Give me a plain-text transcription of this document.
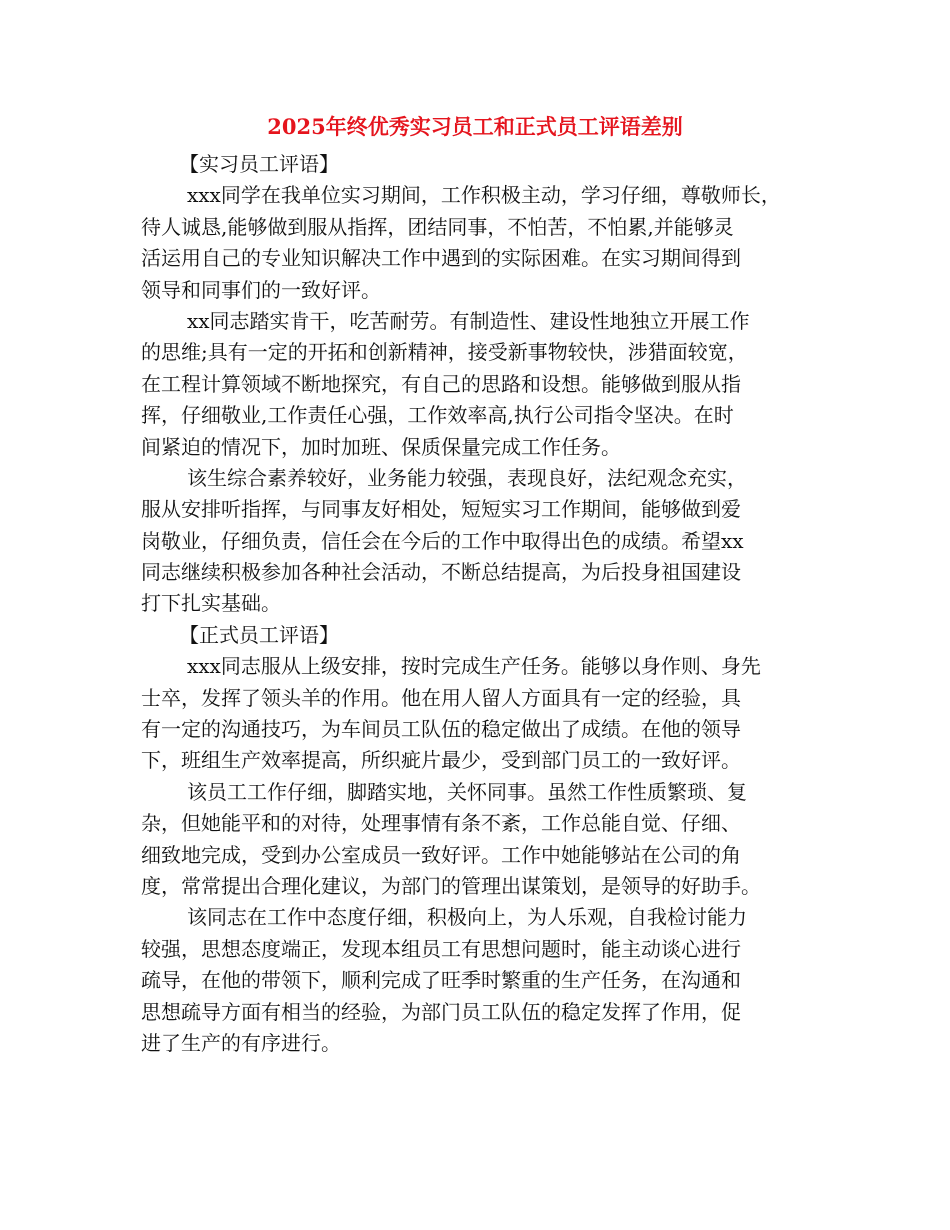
2025年终优秀实习员工和正式员工评语差别
【实习员工评语】
xxx同学在我单位实习期间，工作积极主动，学习仔细，尊敬师长，
待人诚恳,能够做到服从指挥，团结同事，不怕苦，不怕累,并能够灵
活运用自己的专业知识解决工作中遇到的实际困难。在实习期间得到
领导和同事们的一致好评。
xx同志踏实肯干，吃苦耐劳。有制造性、建设性地独立开展工作
的思维;具有一定的开拓和创新精神，接受新事物较快，涉猎面较宽，
在工程计算领域不断地探究，有自己的思路和设想。能够做到服从指
挥，仔细敬业,工作责任心强，工作效率高,执行公司指令坚决。在时
间紧迫的情况下，加时加班、保质保量完成工作任务。
该生综合素养较好，业务能力较强，表现良好，法纪观念充实，
服从安排听指挥，与同事友好相处，短短实习工作期间，能够做到爱
岗敬业，仔细负责，信任会在今后的工作中取得出色的成绩。希望xx
同志继续积极参加各种社会活动，不断总结提高，为后投身祖国建设
打下扎实基础。
【正式员工评语】
xxx同志服从上级安排，按时完成生产任务。能够以身作则、身先
士卒，发挥了领头羊的作用。他在用人留人方面具有一定的经验，具
有一定的沟通技巧，为车间员工队伍的稳定做出了成绩。在他的领导
下，班组生产效率提高，所织疵片最少，受到部门员工的一致好评。
该员工工作仔细，脚踏实地，关怀同事。虽然工作性质繁琐、复
杂，但她能平和的对待，处理事情有条不紊，工作总能自觉、仔细、
细致地完成，受到办公室成员一致好评。工作中她能够站在公司的角
度，常常提出合理化建议，为部门的管理出谋策划，是领导的好助手。
该同志在工作中态度仔细，积极向上，为人乐观，自我检讨能力
较强，思想态度端正，发现本组员工有思想问题时，能主动谈心进行
疏导，在他的带领下，顺利完成了旺季时繁重的生产任务，在沟通和
思想疏导方面有相当的经验，为部门员工队伍的稳定发挥了作用，促
进了生产的有序进行。
